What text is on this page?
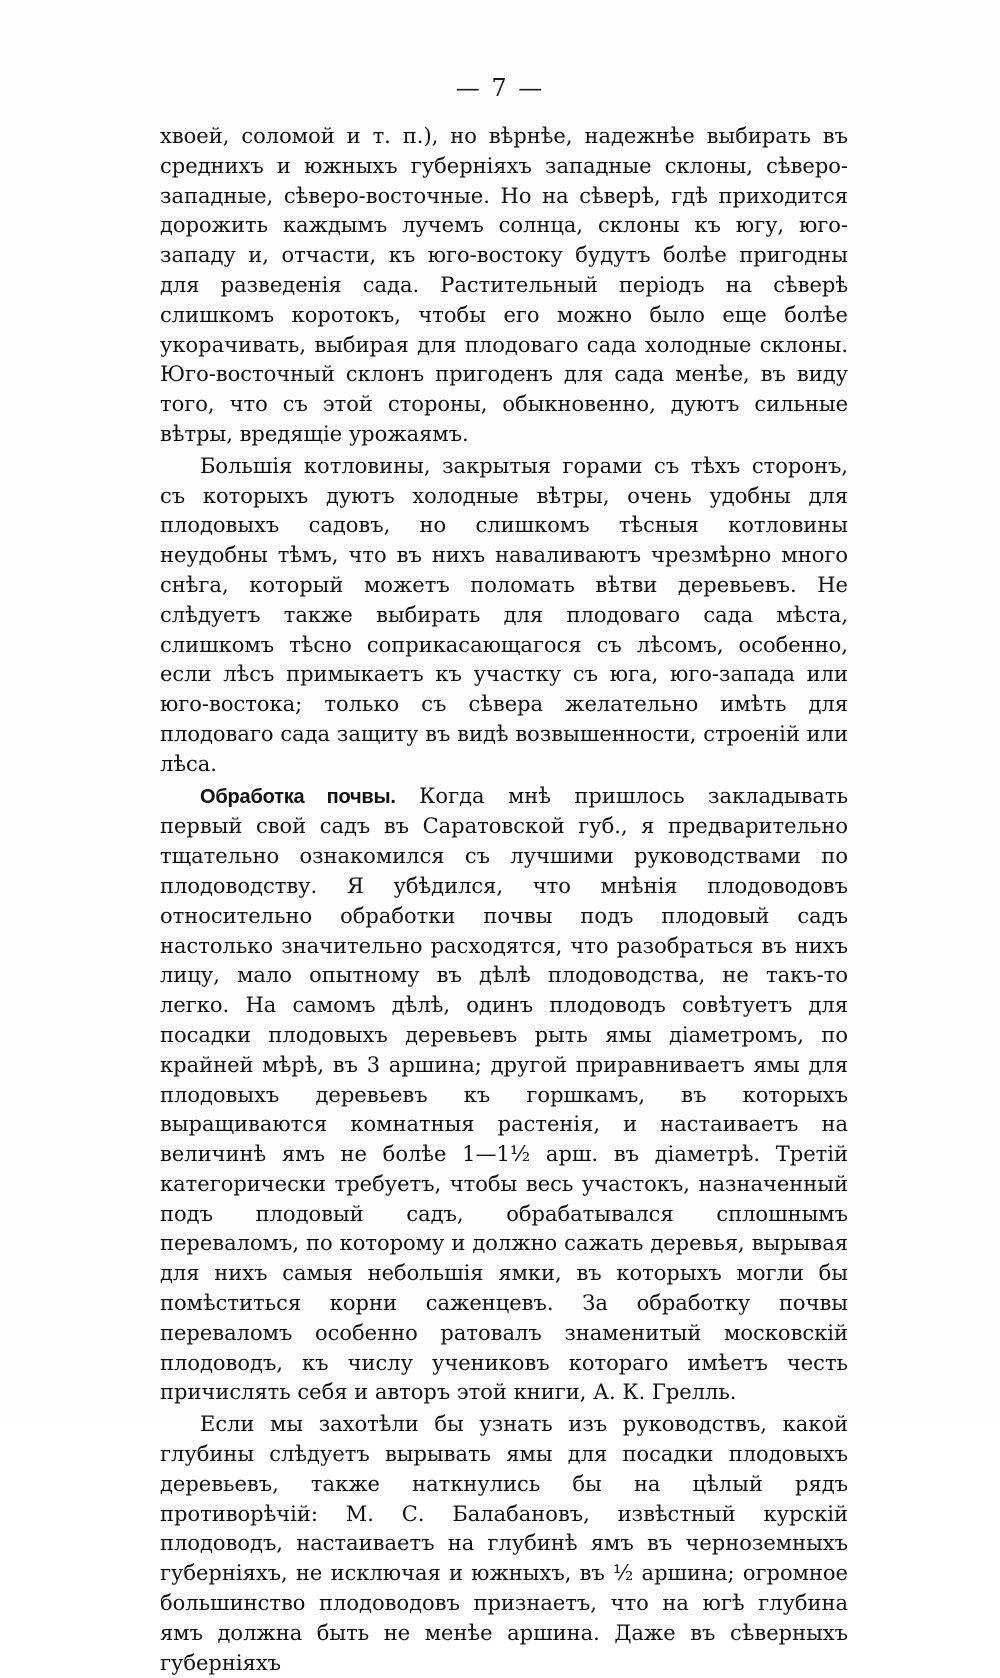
— 7 —

хвоей, соломой и т. п.), но вѣрнѣе, надежнѣе выбирать въ среднихъ и южныхъ губерніяхъ западные склоны, сѣверо-западные, сѣверо-восточные. Но на сѣверѣ, гдѣ приходится дорожить каждымъ лучемъ солнца, склоны къ югу, юго-западу и, отчасти, къ юго-востоку будутъ болѣе пригодны для разведенія сада. Растительный періодъ на сѣверѣ слишкомъ коротокъ, чтобы его можно было еще болѣе укорачивать, выбирая для плодоваго сада холодные склоны. Юго-восточный склонъ пригоденъ для сада менѣе, въ виду того, что съ этой стороны, обыкновенно, дуютъ сильные вѣтры, вредящіе урожаямъ.

Большія котловины, закрытыя горами съ тѣхъ сторонъ, съ которыхъ дуютъ холодные вѣтры, очень удобны для плодовыхъ садовъ, но слишкомъ тѣсныя котловины неудобны тѣмъ, что въ нихъ наваливаютъ чрезмѣрно много снѣга, который можетъ поломать вѣтви деревьевъ. Не слѣдуетъ также выбирать для плодоваго сада мѣста, слишкомъ тѣсно соприкасающагося съ лѣсомъ, особенно, если лѣсъ примыкаетъ къ участку съ юга, юго-запада или юго-востока; только съ сѣвера желательно имѣть для плодоваго сада защиту въ видѣ возвышенности, строеній или лѣса.

Обработка почвы. Когда мнѣ пришлось закладывать первый свой садъ въ Саратовской губ., я предварительно тщательно ознакомился съ лучшими руководствами по плодоводству. Я убѣдился, что мнѣнія плодоводовъ относительно обработки почвы подъ плодовый садъ настолько значительно расходятся, что разобраться въ нихъ лицу, мало опытному въ дѣлѣ плодоводства, не такъ-то легко. На самомъ дѣлѣ, одинъ плодоводъ совѣтуетъ для посадки плодовыхъ деревьевъ рыть ямы діаметромъ, по крайней мѣрѣ, въ 3 аршина; другой приравниваетъ ямы для плодовыхъ деревьевъ къ горшкамъ, въ которыхъ выращиваются комнатныя растенія, и настаиваетъ на величинѣ ямъ не болѣе 1—1½ арш. въ діаметрѣ. Третій категорически требуетъ, чтобы весь участокъ, назначенный подъ плодовый садъ, обрабатывался сплошнымъ переваломъ, по которому и должно сажать деревья, вырывая для нихъ самыя небольшія ямки, въ которыхъ могли бы помѣститься корни саженцевъ. За обработку почвы переваломъ особенно ратовалъ знаменитый московскій плодоводъ, къ числу учениковъ котораго имѣетъ честь причислять себя и авторъ этой книги, А. К. Грелль.

Если мы захотѣли бы узнать изъ руководствъ, какой глубины слѣдуетъ вырывать ямы для посадки плодовыхъ деревьевъ, также наткнулись бы на цѣлый рядъ противорѣчій: М. С. Балабановъ, извѣстный курскій плодоводъ, настаиваетъ на глубинѣ ямъ въ черноземныхъ губерніяхъ, не исключая и южныхъ, въ ½ аршина; огромное большинство плодоводовъ признаетъ, что на югѣ глубина ямъ должна быть не менѣе аршина. Даже въ сѣверныхъ губерніяхъ
